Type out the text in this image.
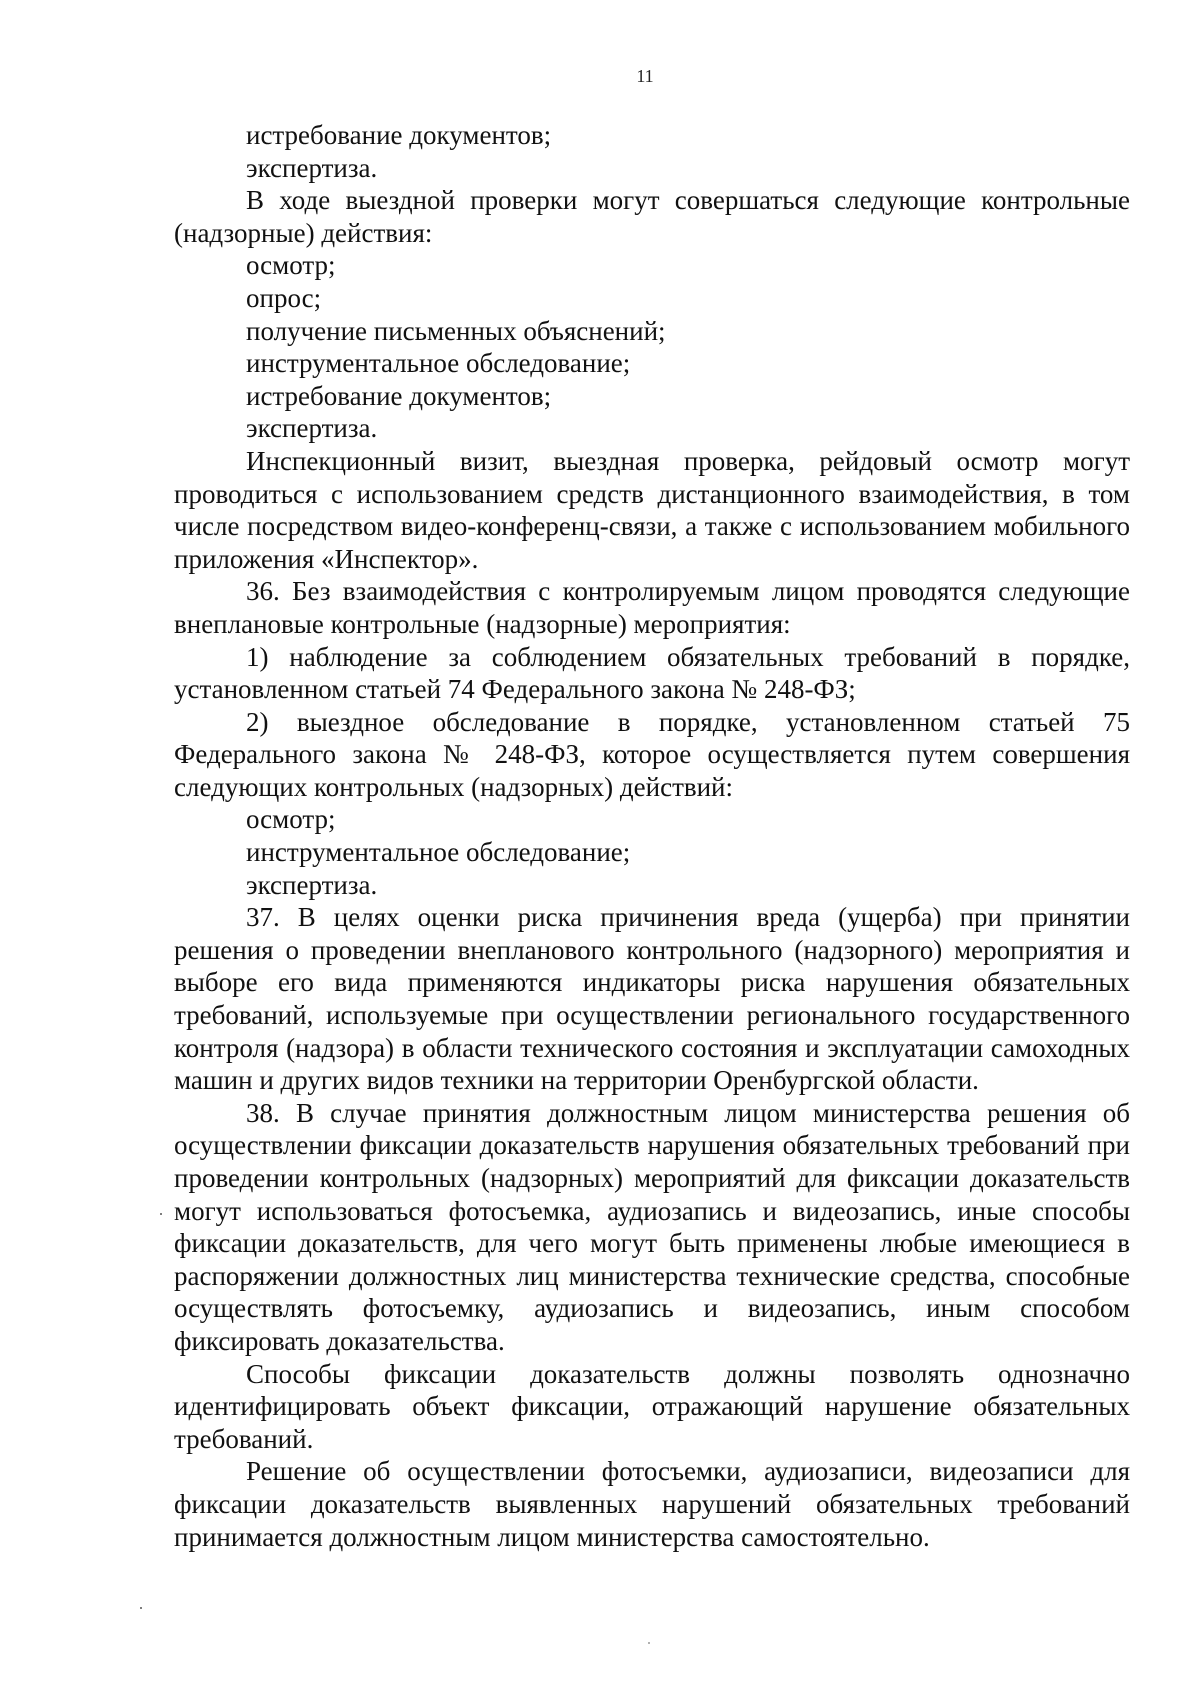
11

истребование документов;

экспертиза.

В ходе выездной проверки могут совершаться следующие контрольные (надзорные) действия:

осмотр;

опрос;

получение письменных объяснений;

инструментальное обследование;

истребование документов;

экспертиза.

Инспекционный визит, выездная проверка, рейдовый осмотр могут проводиться с использованием средств дистанционного взаимодействия, в том числе посредством видео-конференц-связи, а также с использованием мобильного приложения «Инспектор».

36. Без взаимодействия с контролируемым лицом проводятся следующие внеплановые контрольные (надзорные) мероприятия:

1) наблюдение за соблюдением обязательных требований в порядке, установленном статьей 74 Федерального закона № 248-ФЗ;

2) выездное обследование в порядке, установленном статьей 75 Федерального закона № 248-ФЗ, которое осуществляется путем совершения следующих контрольных (надзорных) действий:

осмотр;

инструментальное обследование;

экспертиза.

37. В целях оценки риска причинения вреда (ущерба) при принятии решения о проведении внепланового контрольного (надзорного) мероприятия и выборе его вида применяются индикаторы риска нарушения обязательных требований, используемые при осуществлении регионального государственного контроля (надзора) в области технического состояния и эксплуатации самоходных машин и других видов техники на территории Оренбургской области.

38. В случае принятия должностным лицом министерства решения об осуществлении фиксации доказательств нарушения обязательных требований при проведении контрольных (надзорных) мероприятий для фиксации доказательств могут использоваться фотосъемка, аудиозапись и видеозапись, иные способы фиксации доказательств, для чего могут быть применены любые имеющиеся в распоряжении должностных лиц министерства технические средства, способные осуществлять фотосъемку, аудиозапись и видеозапись, иным способом фиксировать доказательства.

Способы фиксации доказательств должны позволять однозначно идентифицировать объект фиксации, отражающий нарушение обязательных требований.

Решение об осуществлении фотосъемки, аудиозаписи, видеозаписи для фиксации доказательств выявленных нарушений обязательных требований принимается должностным лицом министерства самостоятельно.
